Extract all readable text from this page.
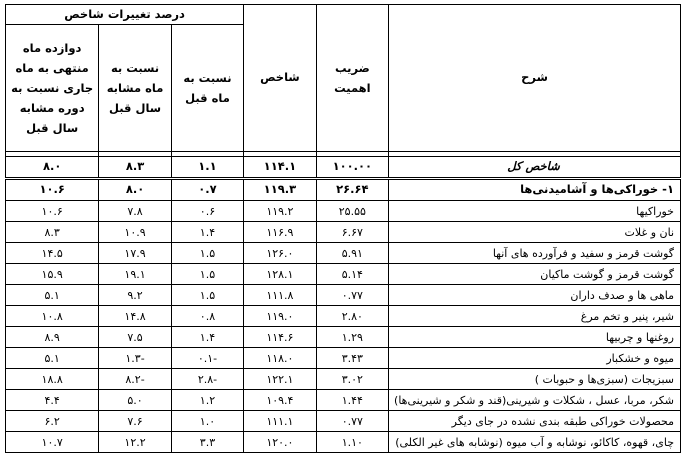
شرح	ضریب اهمیت	شاخص	درصد تغییرات شاخص		
			نسبت به ماه قبل	نسبت به ماه مشابه سال قبل	دوازده ماه منتهی به ماه جاری نسبت به دوره مشابه سال قبل

شاخص کل	۱۰۰.۰۰	۱۱۴.۱	۱.۱	۸.۳	۸.۰
۱- خوراکی‌ها و آشامیدنی‌ها	۲۶.۶۴	۱۱۹.۳	۰.۷	۸.۰	۱۰.۶
خوراکیها	۲۵.۵۵	۱۱۹.۲	۰.۶	۷.۸	۱۰.۶
نان و غلات	۶.۶۷	۱۱۶.۹	۱.۴	۱۰.۹	۸.۳
گوشت قرمز و سفید و فرآورده های آنها	۵.۹۱	۱۲۶.۰	۱.۵	۱۷.۹	۱۴.۵
گوشت قرمز و گوشت ماکیان	۵.۱۴	۱۲۸.۱	۱.۵	۱۹.۱	۱۵.۹
ماهی ها و صدف داران	۰.۷۷	۱۱۱.۸	۱.۵	۹.۲	۵.۱
شیر، پنیر و تخم مرغ	۲.۸۰	۱۱۹.۰	۰.۸	۱۴.۸	۱۰.۸
روغنها و چربیها	۱.۲۹	۱۱۴.۶	۱.۴	۷.۵	۸.۹
میوه و خشکبار	۳.۴۳	۱۱۸.۰	-۰.۱	-۱.۳	۵.۱
سبزیجات (سبزی‌ها و حبوبات )	۳.۰۲	۱۲۲.۱	-۲.۸	-۸.۲	۱۸.۸
شکر، مربا، عسل ، شکلات و شیرینی(قند و شکر و شیرینی‌ها)	۱.۴۴	۱۰۹.۴	۱.۲	۵.۰	۴.۴
محصولات خوراکی طبقه بندی نشده در جای دیگر	۰.۷۷	۱۱۱.۱	۱.۰	۷.۶	۶.۲
چای، قهوه، کاکائو، نوشابه و آب میوه (نوشابه های غیر الکلی)	۱.۱۰	۱۲۰.۰	۳.۳	۱۲.۲	۱۰.۷
